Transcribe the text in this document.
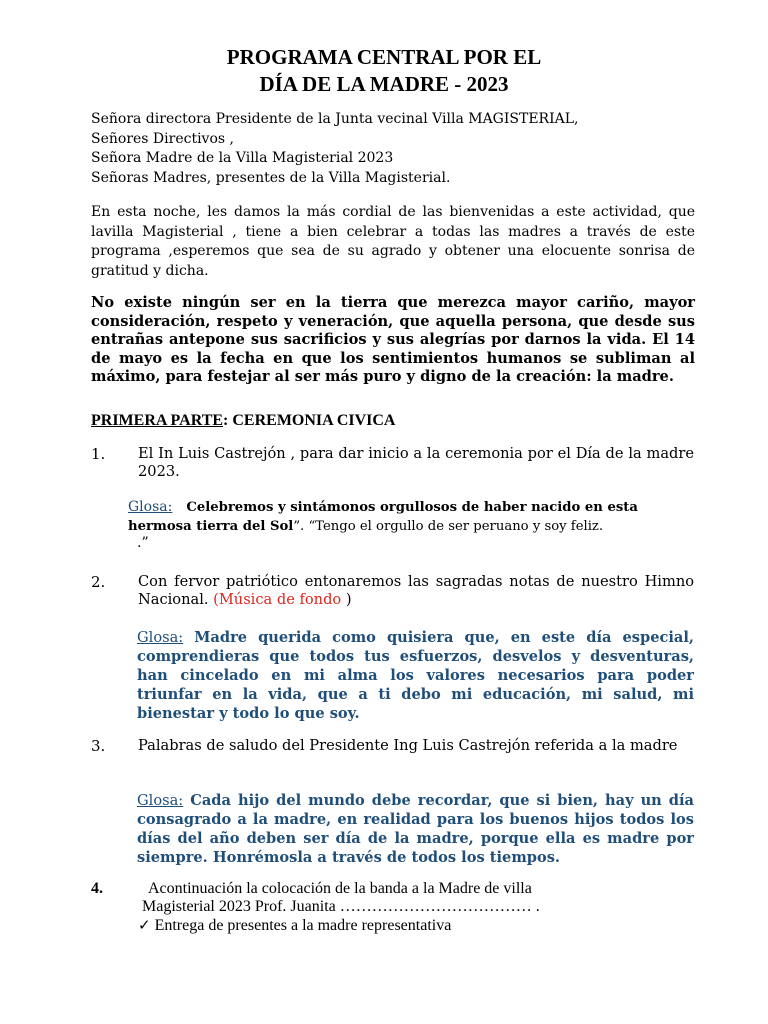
PROGRAMA CENTRAL POR EL
DÍA DE LA MADRE - 2023
Señora directora Presidente de la Junta vecinal Villa MAGISTERIAL,
Señores Directivos ,
Señora Madre de la Villa Magisterial 2023
Señoras Madres, presentes de la Villa Magisterial.
En esta noche, les damos la más cordial de las bienvenidas a este actividad, que lavilla Magisterial , tiene a bien celebrar a todas las madres a través de este programa ,esperemos que sea de su agrado y obtener una elocuente sonrisa de gratitud y dicha.
No existe ningún ser en la tierra que merezca mayor cariño, mayor consideración, respeto y veneración, que aquella persona, que desde sus entrañas antepone sus sacrificios y sus alegrías por darnos la vida. El 14 de mayo es la fecha en que los sentimientos humanos se subliman al máximo, para festejar al ser más puro y digno de la creación: la madre.
PRIMERA PARTE: CEREMONIA CIVICA
1. El In Luis Castrejón , para dar inicio a la ceremonia por el Día de la madre 2023.
Glosa: Celebremos y sintámonos orgullosos de haber nacido en esta hermosa tierra del Sol”. “Tengo el orgullo de ser peruano y soy feliz.
.”
2. Con fervor patriótico entonaremos las sagradas notas de nuestro Himno Nacional. (Música de fondo )
Glosa: Madre querida como quisiera que, en este día especial, comprendieras que todos tus esfuerzos, desvelos y desventuras, han cincelado en mi alma los valores necesarios para poder triunfar en la vida, que a ti debo mi educación, mi salud, mi bienestar y todo lo que soy.
3. Palabras de saludo del Presidente Ing Luis Castrejón referida a la madre
Glosa: Cada hijo del mundo debe recordar, que si bien, hay un día consagrado a la madre, en realidad para los buenos hijos todos los días del año deben ser día de la madre, porque ella es madre por siempre. Honrémosla a través de todos los tiempos.
4.	Acontinuación la colocación de la banda a la Madre de villa
Magisterial 2023 Prof. Juanita ……………………………… .
✓ Entrega de presentes a la madre representativa
